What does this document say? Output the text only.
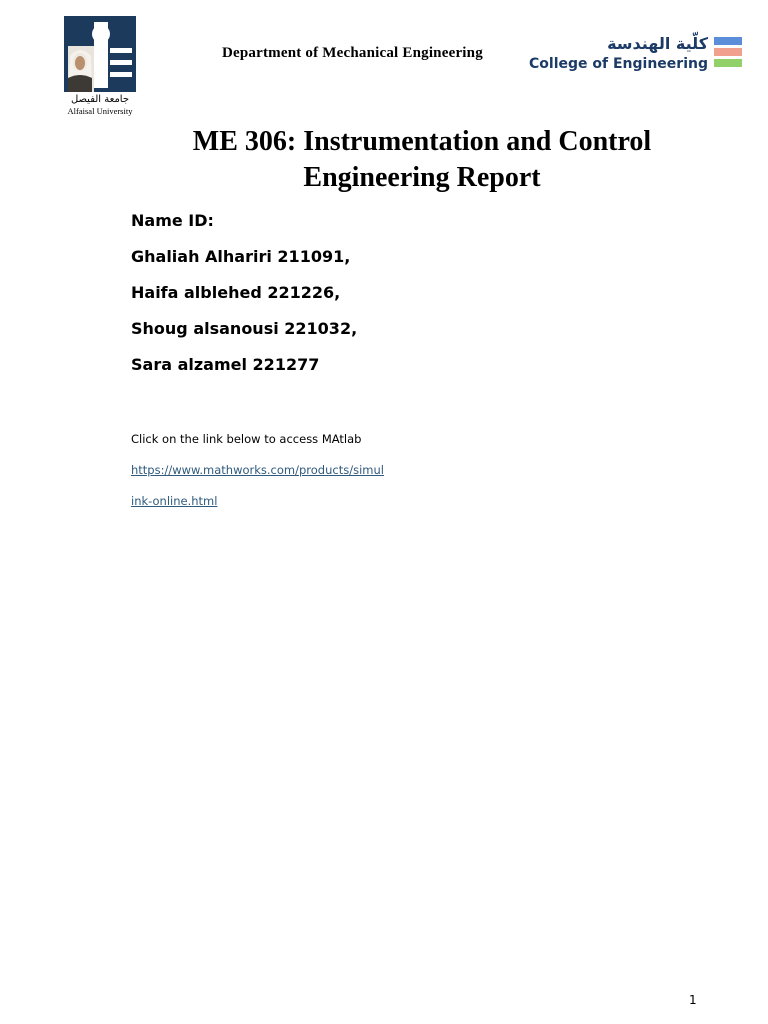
جامعة الفيصل
Alfaisal University
Department of Mechanical Engineering	كلّية الهندسة
College of Engineering
ME 306: Instrumentation and Control
Engineering Report
Name ID:
Ghaliah Alhariri 211091,
Haifa alblehed 221226,
Shoug alsanousi 221032,
Sara alzamel 221277
Click on the link below to access MAtlab
https://www.mathworks.com/products/simul
ink-online.html
1
